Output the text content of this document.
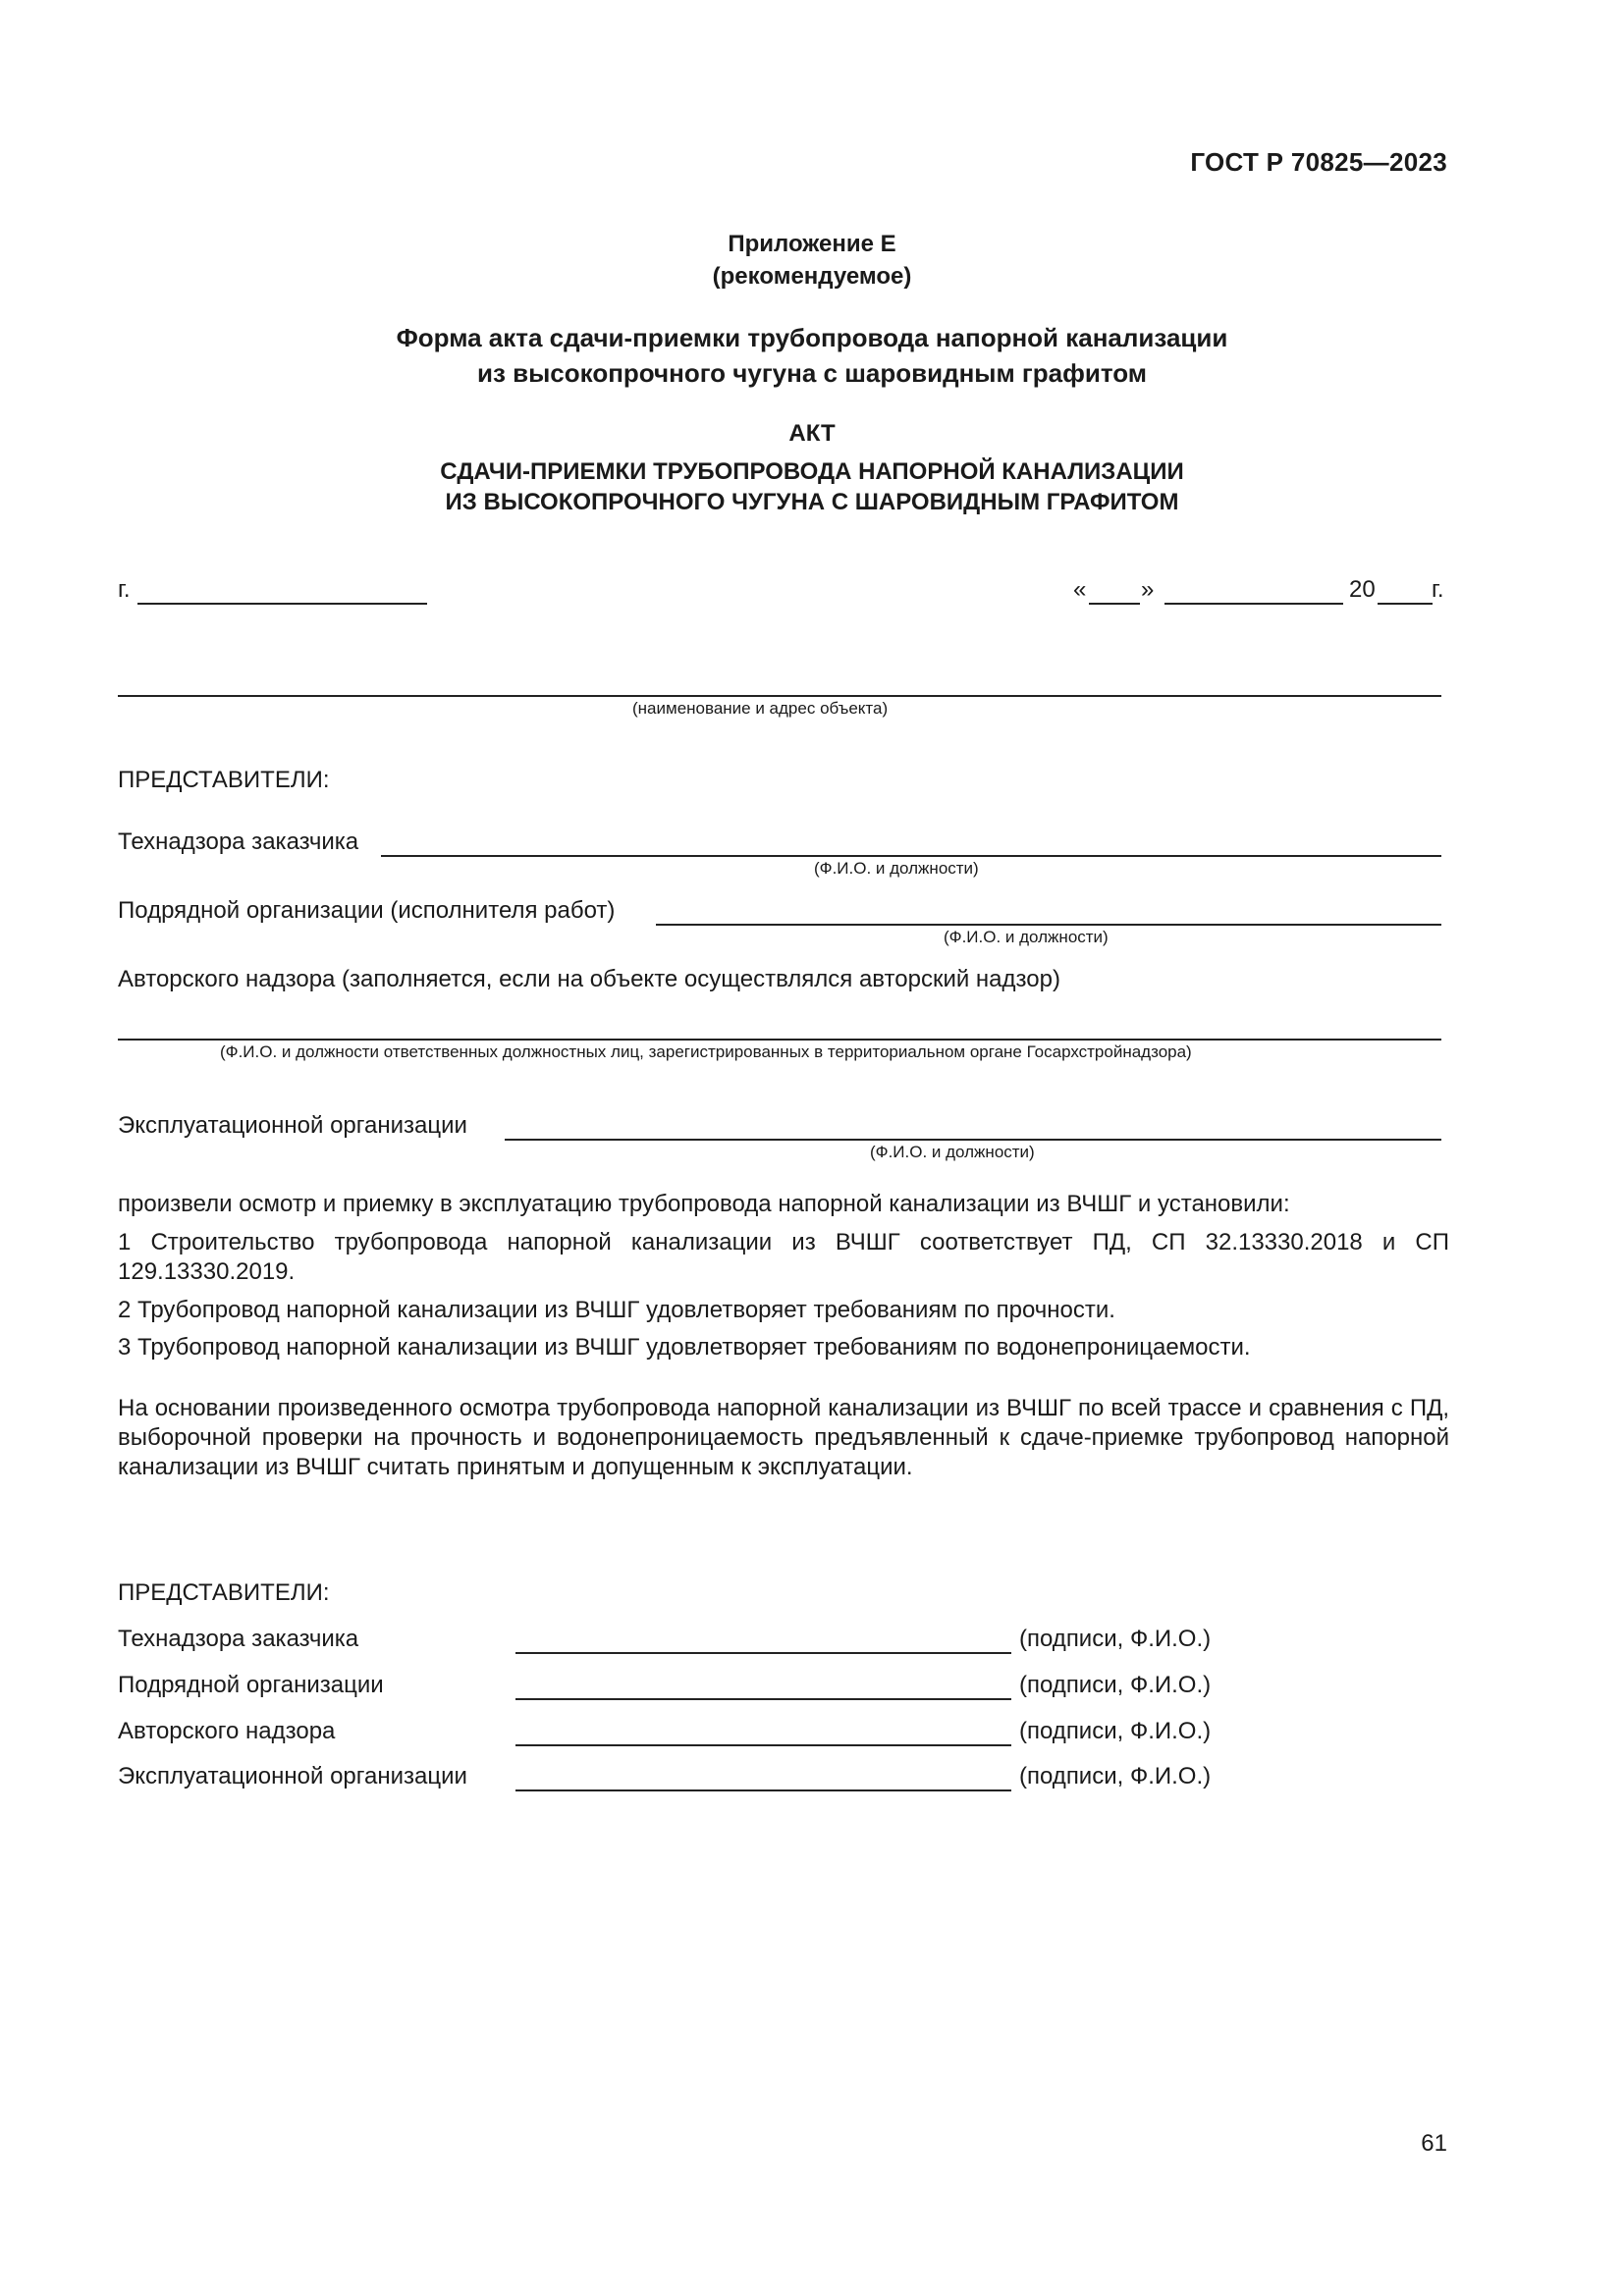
ГОСТ Р 70825—2023
Приложение Е
(рекомендуемое)
Форма акта сдачи-приемки трубопровода напорной канализации
из высокопрочного чугуна с шаровидным графитом
АКТ
СДАЧИ-ПРИЕМКИ ТРУБОПРОВОДА НАПОРНОЙ КАНАЛИЗАЦИИ
ИЗ ВЫСОКОПРОЧНОГО ЧУГУНА С ШАРОВИДНЫМ ГРАФИТОМ
г.	« »	20 г.
(наименование и адрес объекта)
ПРЕДСТАВИТЕЛИ:
Технадзора заказчика
(Ф.И.О. и должности)
Подрядной организации (исполнителя работ)
(Ф.И.О. и должности)
Авторского надзора (заполняется, если на объекте осуществлялся авторский надзор)
(Ф.И.О. и должности ответственных должностных лиц, зарегистрированных в территориальном органе Госархстройнадзора)
Эксплуатационной организации
(Ф.И.О. и должности)
произвели осмотр и приемку в эксплуатацию трубопровода напорной канализации из ВЧШГ и установили:
1 Строительство трубопровода напорной канализации из ВЧШГ соответствует ПД, СП 32.13330.2018 и СП 129.13330.2019.
2 Трубопровод напорной канализации из ВЧШГ удовлетворяет требованиям по прочности.
3 Трубопровод напорной канализации из ВЧШГ удовлетворяет требованиям по водонепроницаемости.
На основании произведенного осмотра трубопровода напорной канализации из ВЧШГ по всей трассе и сравнения с ПД, выборочной проверки на прочность и водонепроницаемость предъявленный к сдаче-приемке трубопровод напорной канализации из ВЧШГ считать принятым и допущенным к эксплуатации.
ПРЕДСТАВИТЕЛИ:
Технадзора заказчика	(подписи, Ф.И.О.)
Подрядной организации	(подписи, Ф.И.О.)
Авторского надзора	(подписи, Ф.И.О.)
Эксплуатационной организации	(подписи, Ф.И.О.)
61
